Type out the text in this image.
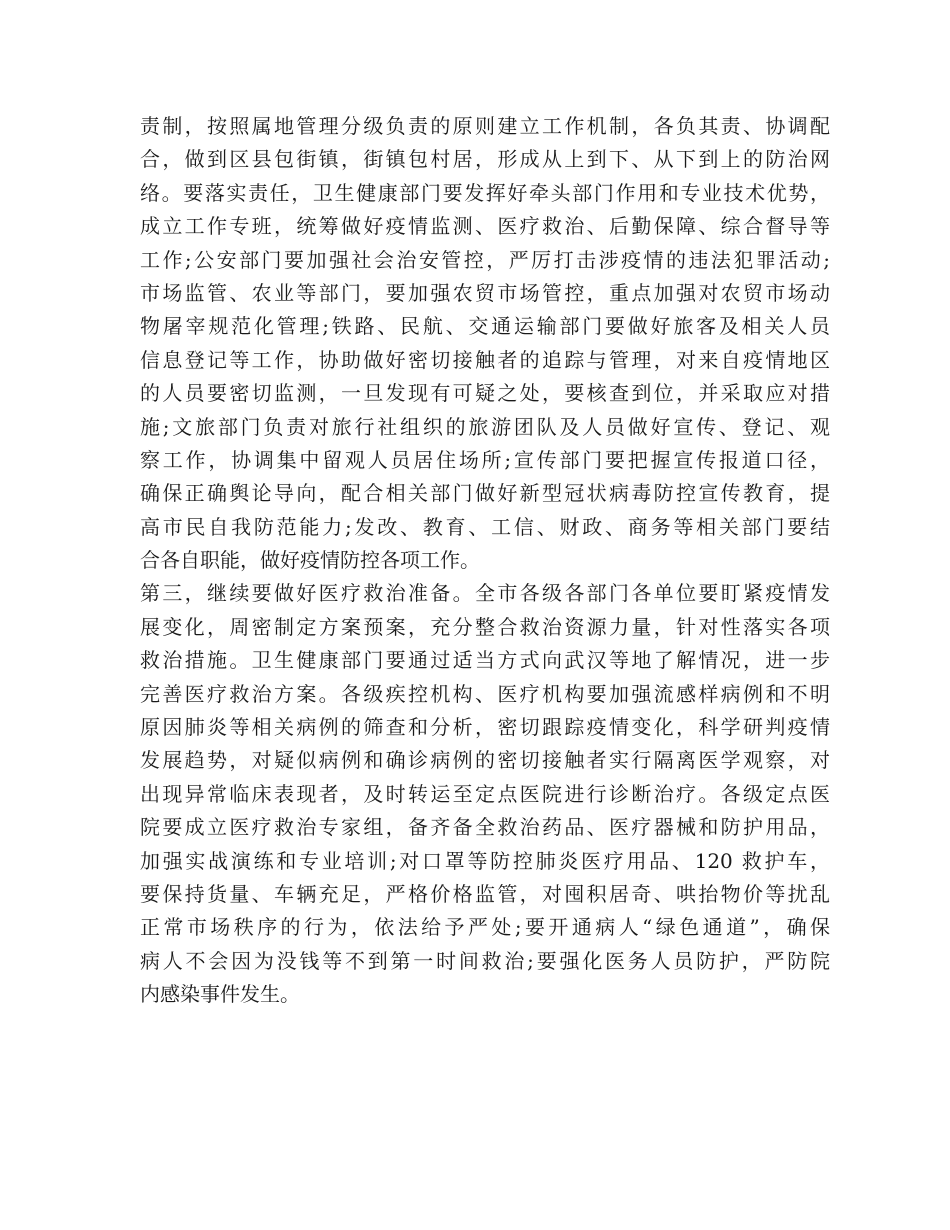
责制，按照属地管理分级负责的原则建立工作机制，各负其责、协调配
合，做到区县包街镇，街镇包村居，形成从上到下、从下到上的防治网
络。要落实责任，卫生健康部门要发挥好牵头部门作用和专业技术优势，
成立工作专班，统筹做好疫情监测、医疗救治、后勤保障、综合督导等
工作;公安部门要加强社会治安管控，严厉打击涉疫情的违法犯罪活动;
市场监管、农业等部门，要加强农贸市场管控，重点加强对农贸市场动
物屠宰规范化管理;铁路、民航、交通运输部门要做好旅客及相关人员
信息登记等工作，协助做好密切接触者的追踪与管理，对来自疫情地区
的人员要密切监测，一旦发现有可疑之处，要核查到位，并采取应对措
施;文旅部门负责对旅行社组织的旅游团队及人员做好宣传、登记、观
察工作，协调集中留观人员居住场所;宣传部门要把握宣传报道口径，
确保正确舆论导向，配合相关部门做好新型冠状病毒防控宣传教育，提
高市民自我防范能力;发改、教育、工信、财政、商务等相关部门要结
合各自职能，做好疫情防控各项工作。
第三，继续要做好医疗救治准备。全市各级各部门各单位要盯紧疫情发
展变化，周密制定方案预案，充分整合救治资源力量，针对性落实各项
救治措施。卫生健康部门要通过适当方式向武汉等地了解情况，进一步
完善医疗救治方案。各级疾控机构、医疗机构要加强流感样病例和不明
原因肺炎等相关病例的筛查和分析，密切跟踪疫情变化，科学研判疫情
发展趋势，对疑似病例和确诊病例的密切接触者实行隔离医学观察，对
出现异常临床表现者，及时转运至定点医院进行诊断治疗。各级定点医
院要成立医疗救治专家组，备齐备全救治药品、医疗器械和防护用品，
加强实战演练和专业培训;对口罩等防控肺炎医疗用品、120 救护车，
要保持货量、车辆充足，严格价格监管，对囤积居奇、哄抬物价等扰乱
正常市场秩序的行为，依法给予严处;要开通病人“绿色通道”，确保
病人不会因为没钱等不到第一时间救治;要强化医务人员防护，严防院
内感染事件发生。
